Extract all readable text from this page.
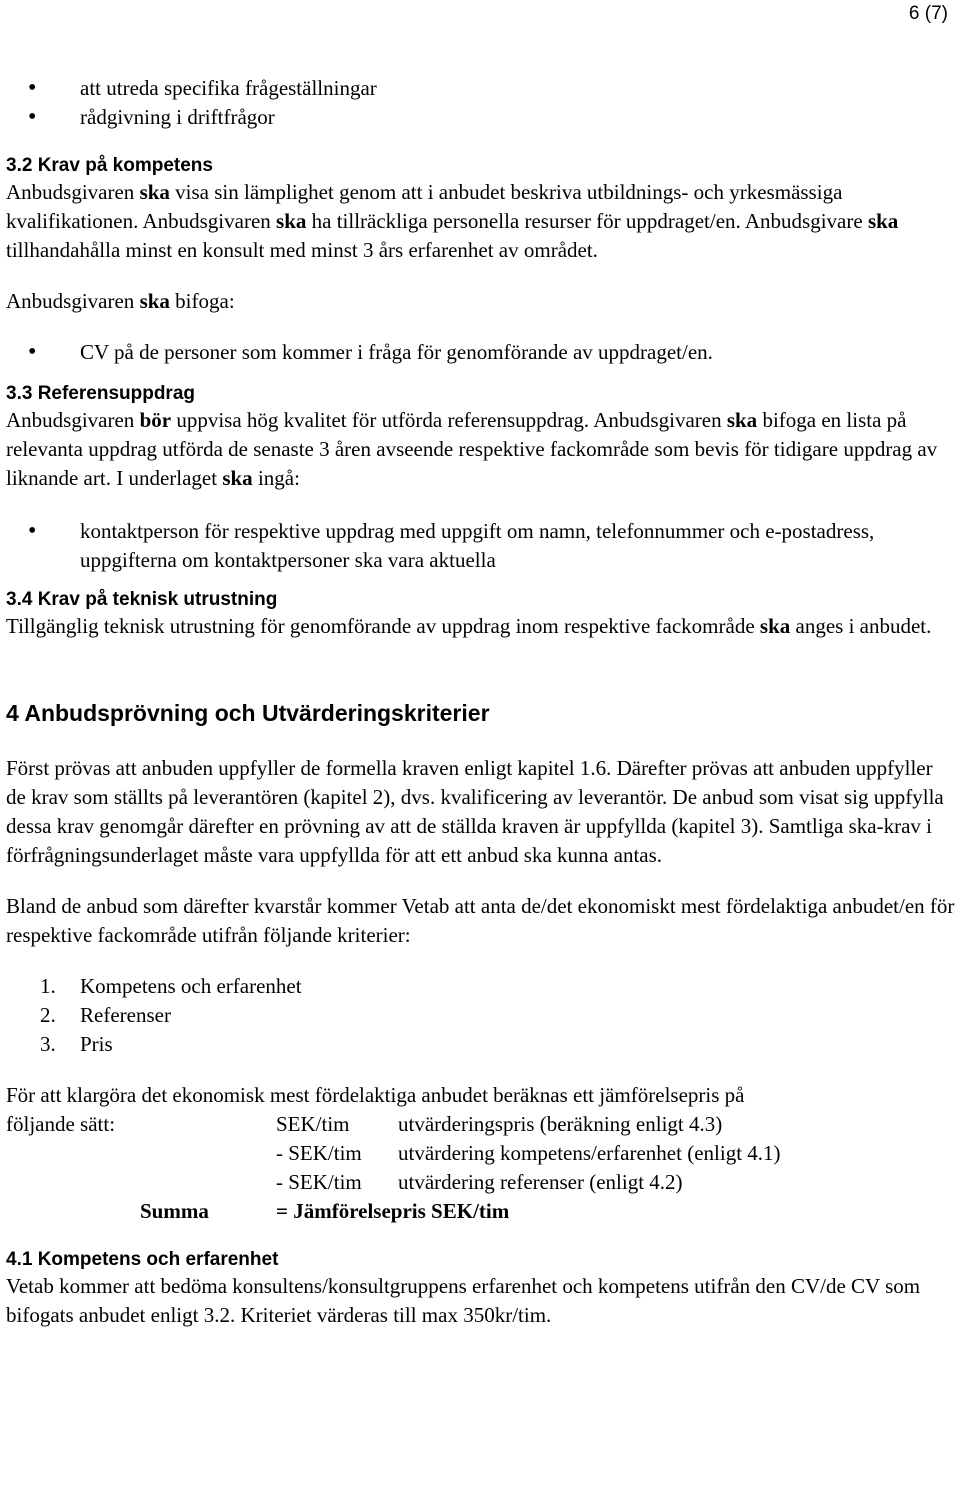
6 (7)
• att utreda specifika frågeställningar
• rådgivning i driftfrågor
3.2 Krav på kompetens

Anbudsgivaren ska visa sin lämplighet genom att i anbudet beskriva utbildnings- och yrkesmässiga kvalifikationen. Anbudsgivaren ska ha tillräckliga personella resurser för uppdraget/en. Anbudsgivare ska tillhandahålla minst en konsult med minst 3 års erfarenhet av området.

Anbudsgivaren ska bifoga:

• CV på de personer som kommer i fråga för genomförande av uppdraget/en.
3.3 Referensuppdrag

Anbudsgivaren bör uppvisa hög kvalitet för utförda referensuppdrag. Anbudsgivaren ska bifoga en lista på relevanta uppdrag utförda de senaste 3 åren avseende respektive fackområde som bevis för tidigare uppdrag av liknande art. I underlaget ska ingå:

• kontaktperson för respektive uppdrag med uppgift om namn, telefonnummer och e-postadress, uppgifterna om kontaktpersoner ska vara aktuella
3.4 Krav på teknisk utrustning

Tillgänglig teknisk utrustning för genomförande av uppdrag inom respektive fackområde ska anges i anbudet.

4 Anbudsprövning och Utvärderingskriterier

Först prövas att anbuden uppfyller de formella kraven enligt kapitel 1.6. Därefter prövas att anbuden uppfyller de krav som ställts på leverantören (kapitel 2), dvs. kvalificering av leverantör. De anbud som visat sig uppfylla dessa krav genomgår därefter en prövning av att de ställda kraven är uppfyllda (kapitel 3). Samtliga ska-krav i förfrågningsunderlaget måste vara uppfyllda för att ett anbud ska kunna antas.

Bland de anbud som därefter kvarstår kommer Vetab att anta de/det ekonomiskt mest fördelaktiga anbudet/en för respektive fackområde utifrån följande kriterier:

1.	Kompetens och erfarenhet
2.	Referenser
3.	Pris

För att klargöra det ekonomisk mest fördelaktiga anbudet beräknas ett jämförelsepris på

följande sätt:	SEK/tim	utvärderingspris (beräkning enligt 4.3)
- SEK/tim	utvärdering kompetens/erfarenhet (enligt 4.1)
- SEK/tim	utvärdering referenser (enligt 4.2)
Summa	= Jämförelsepris SEK/tim
4.1 Kompetens och erfarenhet

Vetab kommer att bedöma konsultens/konsultgruppens erfarenhet och kompetens utifrån den CV/de CV som bifogats anbudet enligt 3.2. Kriteriet värderas till max 350kr/tim.
